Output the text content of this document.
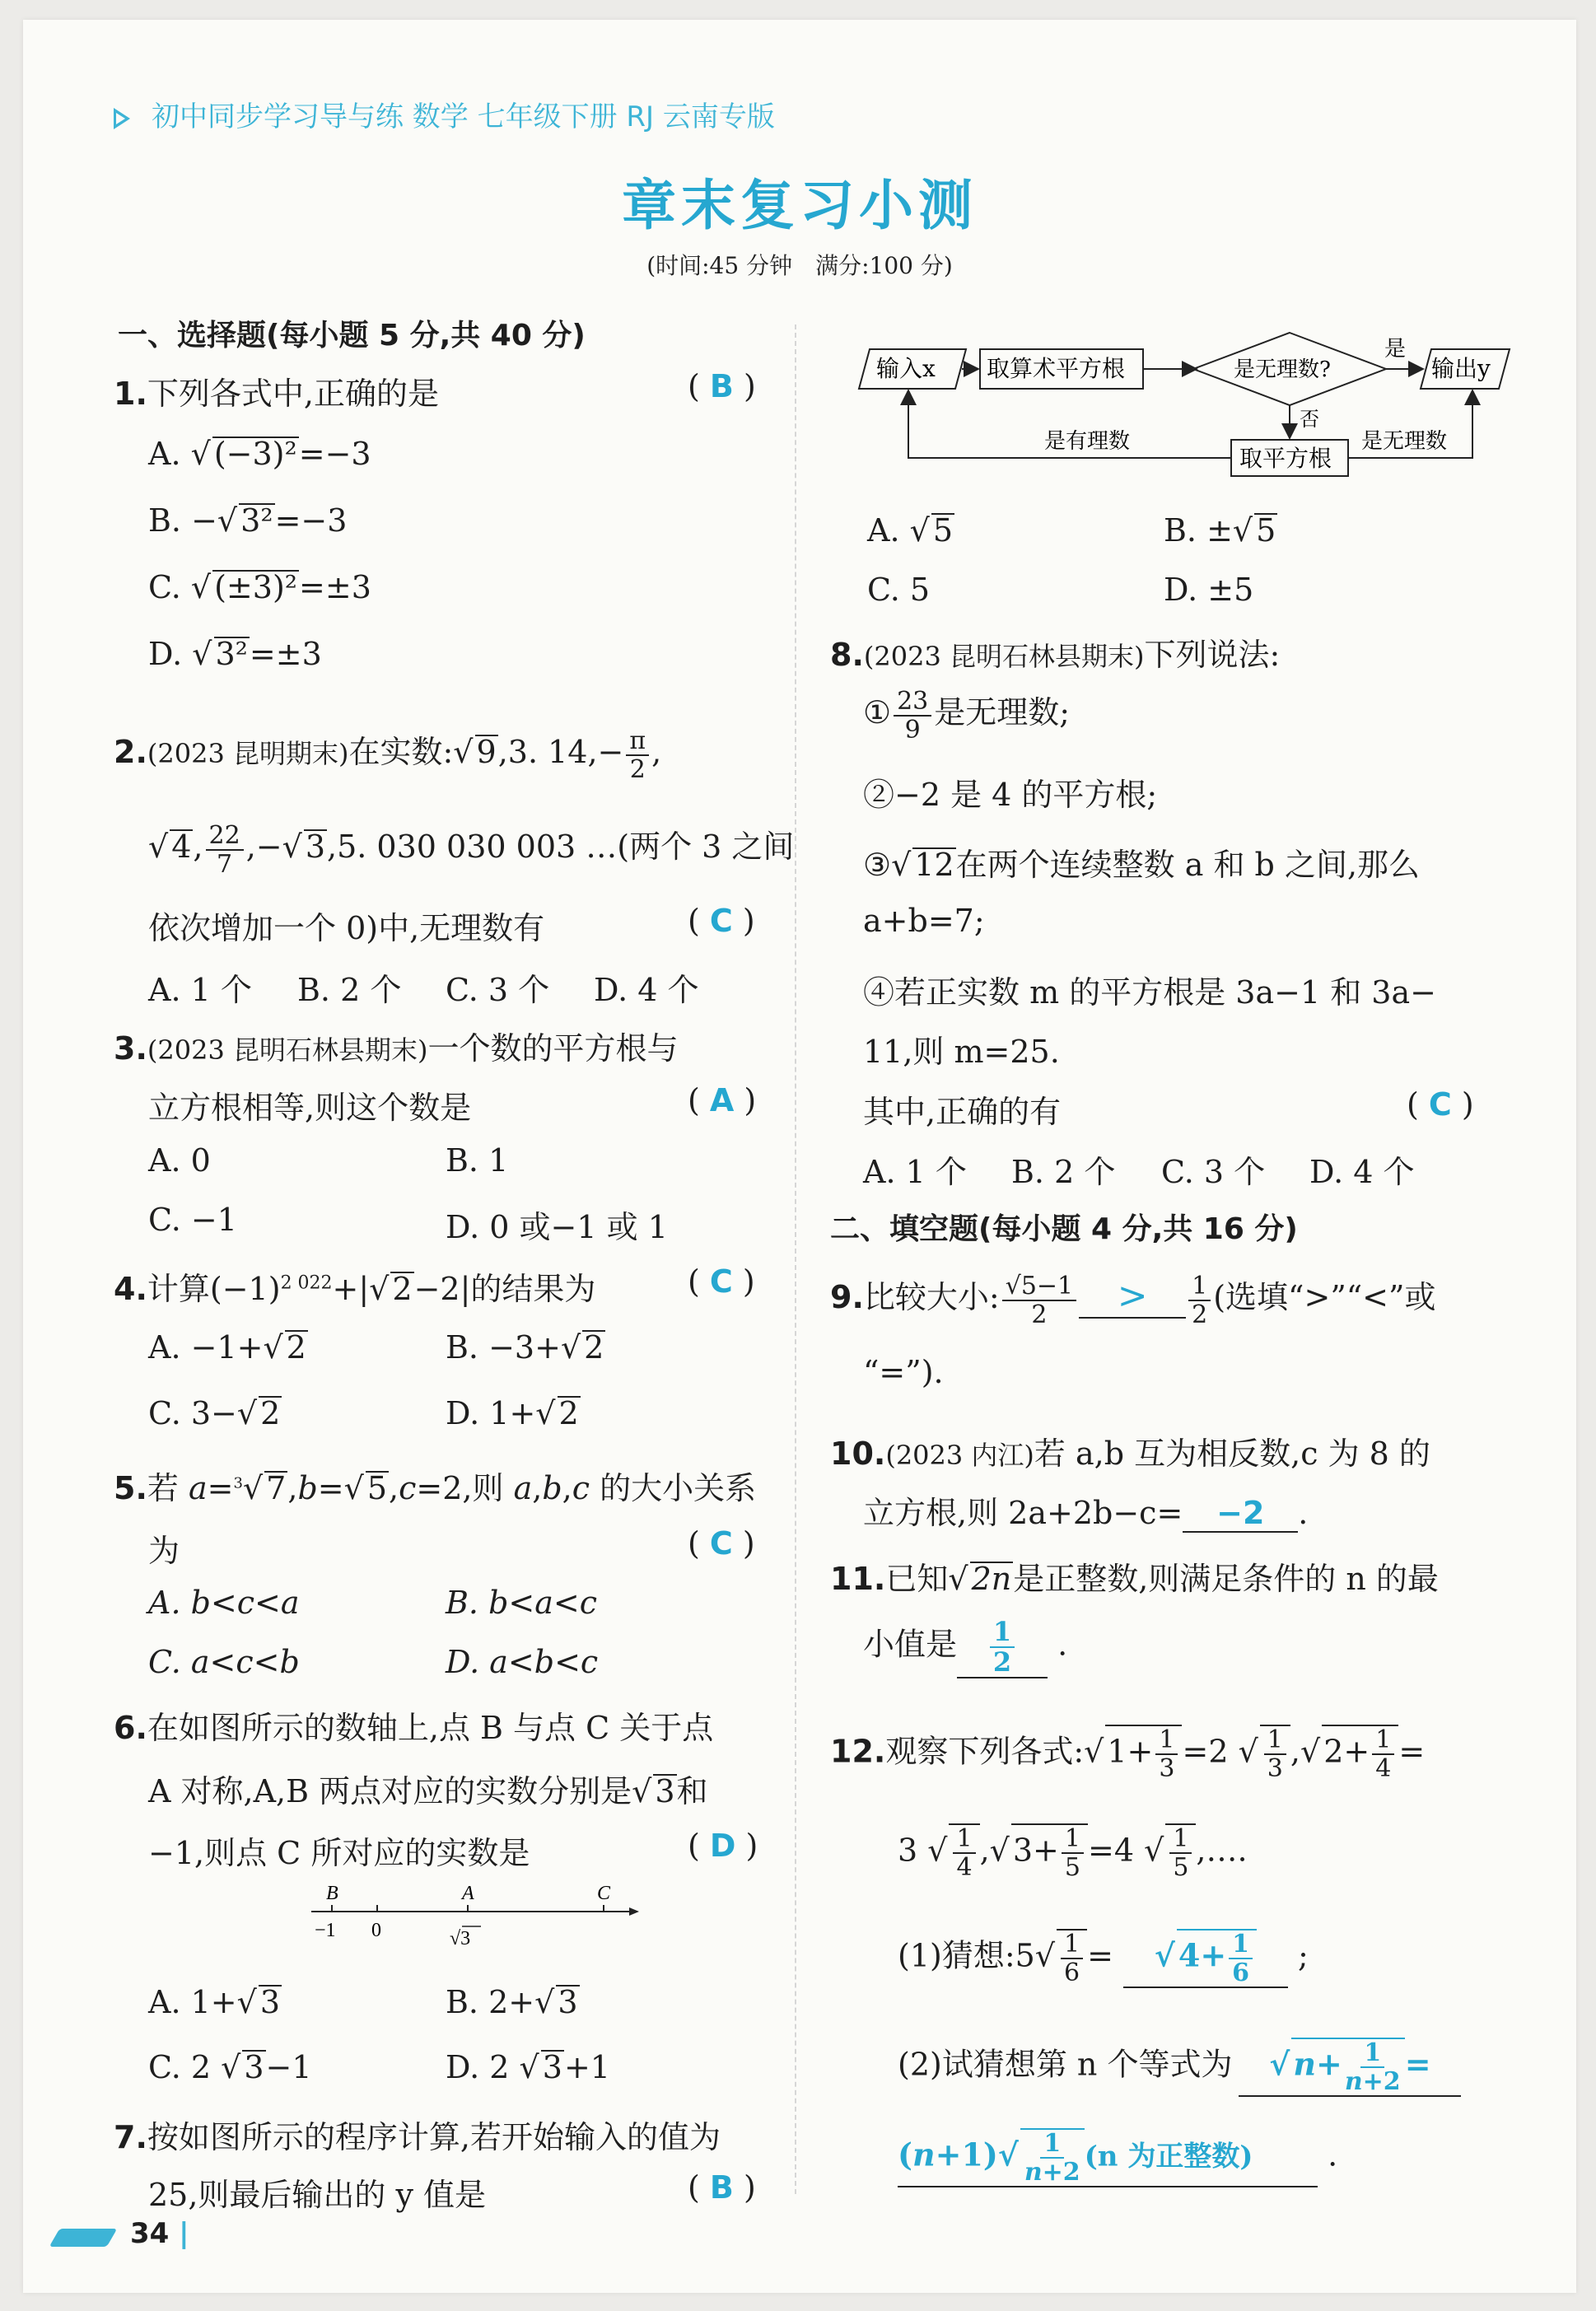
初中同步学习导与练 数学 七年级下册 RJ 云南专版
章末复习小测
(时间:45 分钟　满分:100 分)
一、选择题(每小题 5 分,共 40 分)
1.下列各式中,正确的是	( B )
A. √ (−3)²=−3
B. −√ 3²=−3
C. √ (±3)²=±3
D. √ 3²=±3
2.(2023 昆明期末)在实数:√ 9,3. $14,- \frac{\pi}{2}$ ,
√ 4, $\frac{22}{7}$ ,−√ 3,5. 030 030 003 …(两个 3 之间
依次增加一个 0)中,无理数有	( C )
A. 1 个 B. 2 个 C. 3 个 D. 4 个
3.(2023 昆明石林县期末)一个数的平方根与
立方根相等,则这个数是	( A )
A. 0	B. 1
C. −1	D. 0 或−1 或 1
4.计算$(-1)^{2 022}+|√$ 2−2|的结果为	( C )
A. −1+√ 2	B. −3+√ 2
C. 3−√ 2	D. 1+√ 2
5.若 a=$^3$√ 7,b=√ 5,c=2,则 a,b,c 的大小关系
为	( C )
A. b<c<a	B. b<a<c
C. a<c<b	D. a<b<c
6.在如图所示的数轴上,点 B 与点 C 关于点
A 对称,A,B 两点对应的实数分别是√ 3和
−1,则点 C 所对应的实数是	( D )
B	A	C
−1 0	√3
A. 1+√ 3	B. 2+√ 3
C. 2 √ 3−1	D. 2 √ 3+1
7.按如图所示的程序计算,若开始输入的值为
25,则最后输出的 y 值是	( B )
输入x 取算术平方根	是无理数?
是
输出y
否
取平方根
是有理数	是无理数
A. √ 5	B. ±√ 5
C. 5	D. ±5
8.(2023 昆明石林县期末)下列说法:
① $\frac{23}{9}$ 是无理数;
②−2 是 4 的平方根;
③√ 12在两个连续整数 a 和 b 之间,那么
a+b=7;
④若正实数 m 的平方根是 3a−1 和 3a−
11,则 m=25.
其中,正确的有	( C )
A. 1 个 B. 2 个 C. 3 个 D. 4 个
二、填空题(每小题 4 分,共 16 分)
9.比较大小: $\frac{√5-1}{2} > \frac{1}{2}$ (选填“>”“<”或
“=”).
10.(2023 内江)若 a,b 互为相反数,c 为 8 的
立方根,则 2a+2b−c= −2 .
11.已知√ 2n是正整数,则满足条件的 n 的最
小值是 $\frac{1}{2}$ .
12.观察下列各式:√ $1+ \frac{1}{3} =2$ √ $\frac{1}{3}$ ,√ $2+ \frac{1}{4}$ =
3 √ $\frac{1}{4}$ ,√ $3+ \frac{1}{5} =4$ √ $\frac{1}{5}$ ,….
(1)猜想:5√ $\frac{1}{6}$ = √ $4+ \frac{1}{6}$ ;
(2)试猜想第 n 个等式为 √ $n+ \frac{1}{n+2}$ =
$(n+1)√ \frac{1}{n+2} (n$ 为正整数) .
34 |
